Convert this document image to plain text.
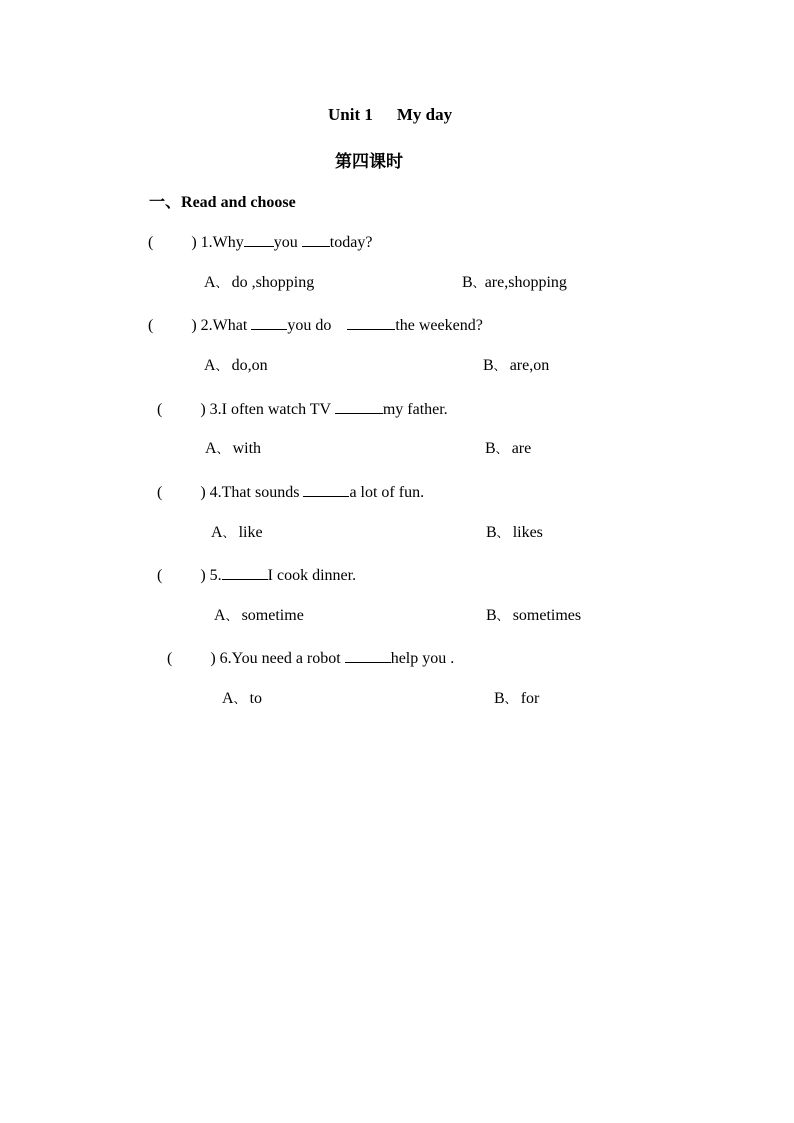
Unit 1 My day
第四课时
一、Read and choose
( ) 1.Why you today?
A、 do ,shopping	B、are,shopping
( ) 2.What	you do	the weekend?
A、 do,on	B、 are,on
( ) 3.I often watch TV	my father.
A、 with	B、 are
( ) 4.That sounds	a lot of fun.
A、 like	B、 likes
( ) 5.	I cook dinner.
A、 sometime	B、 sometimes
( ) 6.You need a robot	help you .
A、 to	B、 for
